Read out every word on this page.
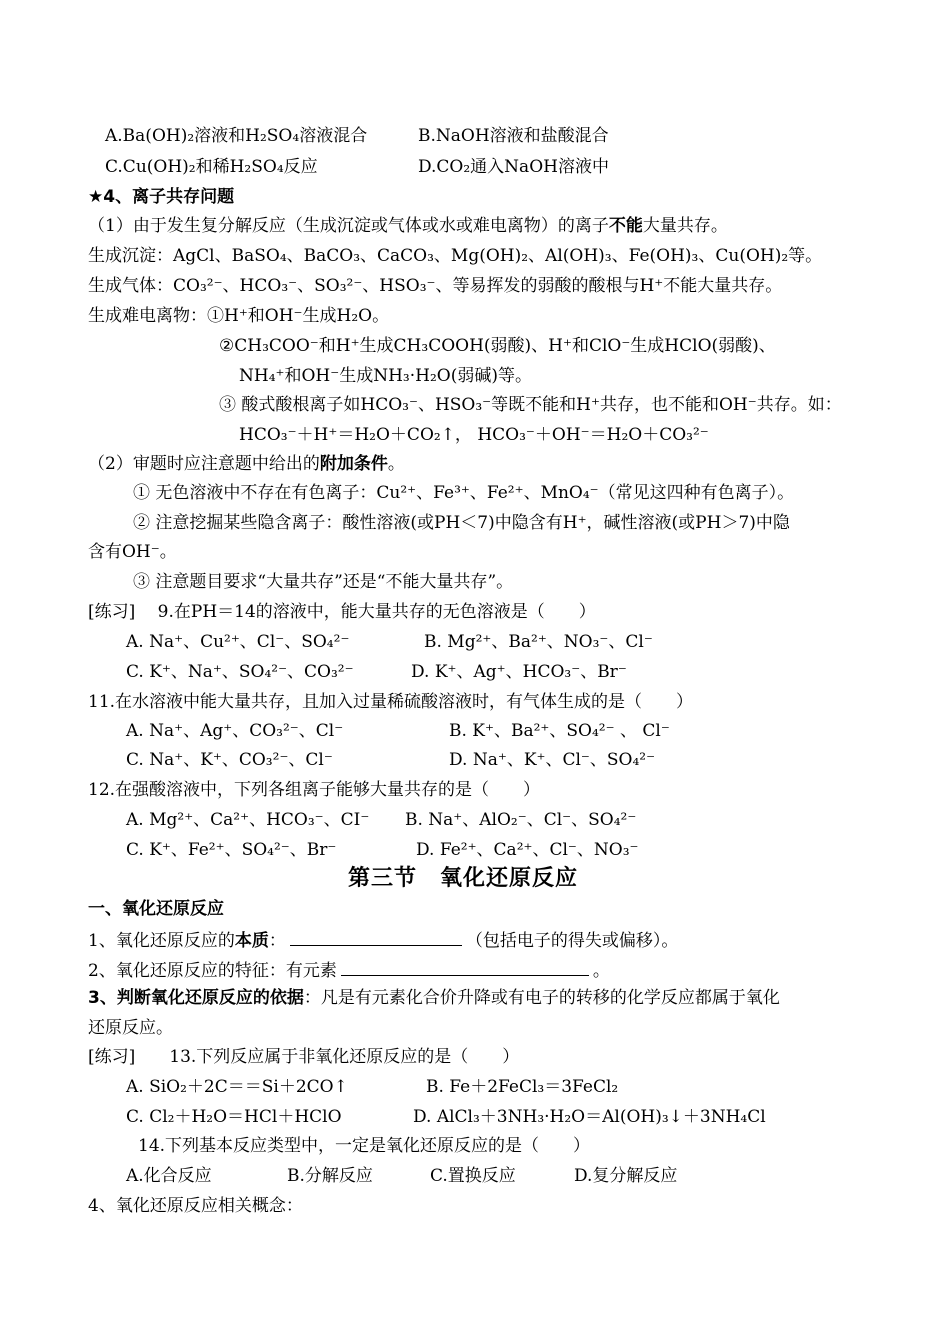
A.Ba(OH)₂溶液和H₂SO₄溶液混合	B.NaOH溶液和盐酸混合
C.Cu(OH)₂和稀H₂SO₄反应	D.CO₂通入NaOH溶液中
★4、离子共存问题
（1）由于发生复分解反应（生成沉淀或气体或水或难电离物）的离子不能大量共存。
生成沉淀：AgCl、BaSO₄、BaCO₃、CaCO₃、Mg(OH)₂、Al(OH)₃、Fe(OH)₃、Cu(OH)₂等。
生成气体：CO₃²⁻、HCO₃⁻、SO₃²⁻、HSO₃⁻、等易挥发的弱酸的酸根与H⁺不能大量共存。
生成难电离物：①H⁺和OH⁻生成H₂O。
②CH₃COO⁻和H⁺生成CH₃COOH(弱酸)、H⁺和ClO⁻生成HClO(弱酸)、
NH₄⁺和OH⁻生成NH₃·H₂O(弱碱)等。
③ 酸式酸根离子如HCO₃⁻、HSO₃⁻等既不能和H⁺共存，也不能和OH⁻共存。如：
HCO₃⁻＋H⁺＝H₂O＋CO₂↑， HCO₃⁻＋OH⁻＝H₂O＋CO₃²⁻
（2）审题时应注意题中给出的附加条件。
① 无色溶液中不存在有色离子：Cu²⁺、Fe³⁺、Fe²⁺、MnO₄⁻（常见这四种有色离子）。
② 注意挖掘某些隐含离子：酸性溶液(或PH＜7)中隐含有H⁺，碱性溶液(或PH＞7)中隐
含有OH⁻。
③ 注意题目要求“大量共存”还是“不能大量共存”。
[练习]　 9.在PH＝14的溶液中，能大量共存的无色溶液是（　　）
A. Na⁺、Cu²⁺、Cl⁻、SO₄²⁻	B. Mg²⁺、Ba²⁺、NO₃⁻、Cl⁻
C. K⁺、Na⁺、SO₄²⁻、CO₃²⁻	D. K⁺、Ag⁺、HCO₃⁻、Br⁻
11.在水溶液中能大量共存，且加入过量稀硫酸溶液时，有气体生成的是（　　）
A. Na⁺、Ag⁺、CO₃²⁻、Cl⁻	B. K⁺、Ba²⁺、SO₄²⁻ 、 Cl⁻
C. Na⁺、K⁺、CO₃²⁻、Cl⁻	D. Na⁺、K⁺、Cl⁻、SO₄²⁻
12.在强酸溶液中，下列各组离子能够大量共存的是（　　）
A. Mg²⁺、Ca²⁺、HCO₃⁻、CI⁻ B. Na⁺、AlO₂⁻、Cl⁻、SO₄²⁻
C. K⁺、Fe²⁺、SO₄²⁻、Br⁻	D. Fe²⁺、Ca²⁺、Cl⁻、NO₃⁻
第三节　氧化还原反应
一、氧化还原反应
1、氧化还原反应的本质：	（包括电子的得失或偏移）。
2、氧化还原反应的特征：有元素	。
3、判断氧化还原反应的依据：凡是有元素化合价升降或有电子的转移的化学反应都属于氧化
还原反应。
[练习]　　13.下列反应属于非氧化还原反应的是（　　）
A. SiO₂＋2C＝＝Si＋2CO↑	B. Fe＋2FeCl₃＝3FeCl₂
C. Cl₂＋H₂O＝HCl＋HClO	D. AlCl₃＋3NH₃·H₂O＝Al(OH)₃↓＋3NH₄Cl
14.下列基本反应类型中，一定是氧化还原反应的是（　　）
A.化合反应	B.分解反应	C.置换反应	D.复分解反应
4、氧化还原反应相关概念：
